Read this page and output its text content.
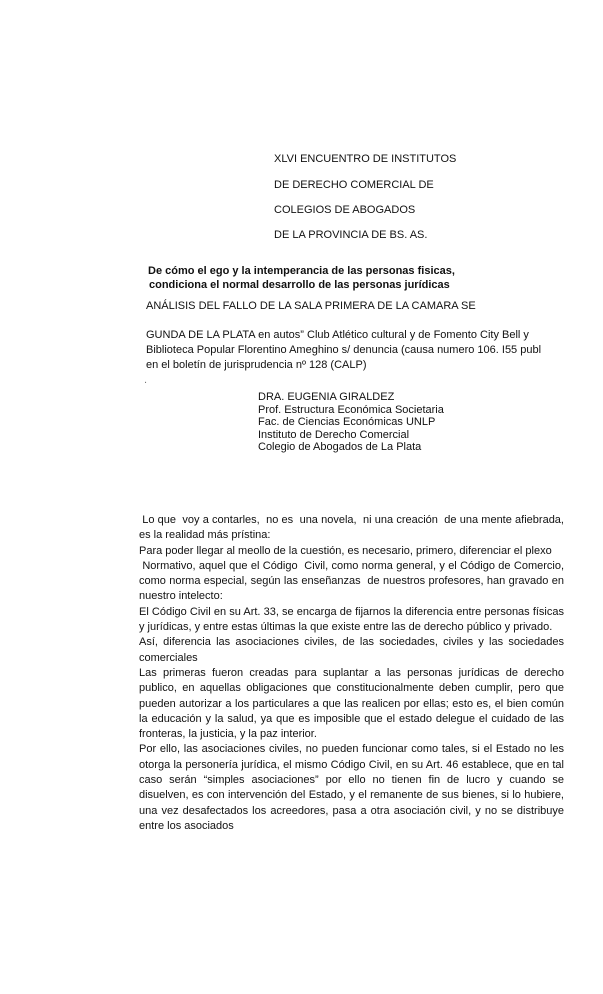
XLVI ENCUENTRO DE INSTITUTOS
DE DERECHO COMERCIAL DE
COLEGIOS DE ABOGADOS
DE LA PROVINCIA DE BS. AS.
De cómo el ego y la intemperancia de las personas fisicas,
condiciona el normal desarrollo de las personas jurídicas
ANÁLISIS DEL FALLO DE LA SALA PRIMERA DE LA CAMARA SE
GUNDA DE LA PLATA en autos” Club Atlético cultural y de Fomento City Bell y Biblioteca Popular Florentino Ameghino s/ denuncia (causa numero 106. I55 publ en el boletín de jurisprudencia nº 128 (CALP)
.
DRA. EUGENIA GIRALDEZ
Prof. Estructura Económica Societaria
Fac. de Ciencias Económicas UNLP
Instituto de Derecho Comercial
Colegio de Abogados de La Plata

Lo que  voy a contarles,  no es  una novela,  ni una creación  de una mente afiebrada, es la realidad más prístina:

Para poder llegar al meollo de la cuestión, es necesario, primero, diferenciar el plexo

Normativo, aquel que el Código  Civil, como norma general, y el Código de Comercio, como norma especial, según las enseñanzas  de nuestros profesores, han gravado en nuestro intelecto:

El Código Civil en su Art. 33, se encarga de fijarnos la diferencia entre personas físicas y jurídicas, y entre estas últimas la que existe entre las de derecho público y privado.

Así, diferencia las asociaciones civiles, de las sociedades, civiles y las sociedades comerciales

Las primeras fueron creadas para suplantar a las personas jurídicas de derecho publico, en aquellas obligaciones que constitucionalmente deben cumplir, pero que pueden autorizar a los particulares a que las realicen por ellas; esto es, el bien común la educación y la salud, ya que es imposible que el estado delegue el cuidado de las fronteras, la justicia, y la paz interior.

Por ello, las asociaciones civiles, no pueden funcionar como tales, si el Estado no les otorga la personería jurídica, el mismo Código Civil, en su Art. 46 establece, que en tal caso serán “simples asociaciones” por ello no tienen fin de lucro y cuando se disuelven, es con intervención del Estado, y el remanente de sus bienes, si lo hubiere, una vez desafectados los acreedores, pasa a otra asociación civil, y no se distribuye entre los asociados
